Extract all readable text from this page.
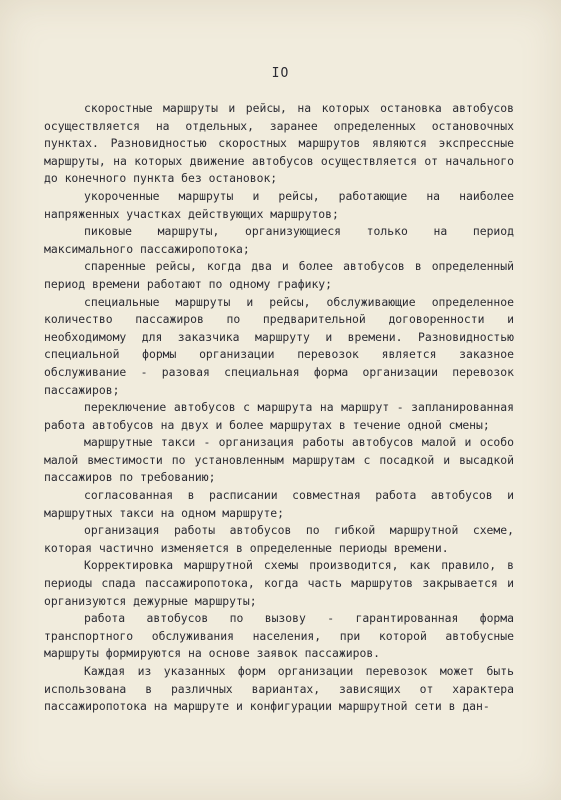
IO

скоростные маршруты и рейсы, на которых остановка автобусов осуществляется на отдельных, заранее определенных остановочных пунктах. Разновидностью скоростных маршрутов являются экспрессные маршруты, на которых движение автобусов осуществляется от начального до конечного пункта без остановок;

укороченные маршруты и рейсы, работающие на наиболее напряженных участках действующих маршрутов;

пиковые маршруты, организующиеся только на период максимального пассажиропотока;

спаренные рейсы, когда два и более автобусов в определенный период времени работают по одному графику;

специальные маршруты и рейсы, обслуживающие определенное количество пассажиров по предварительной договоренности и необходимому для заказчика маршруту и времени. Разновидностью специальной формы организации перевозок является заказное обслуживание - разовая специальная форма организации перевозок пассажиров;

переключение автобусов с маршрута на маршрут - запланированная работа автобусов на двух и более маршрутах в течение одной смены;

маршрутные такси - организация работы автобусов малой и особо малой вместимости по установленным маршрутам с посадкой и высадкой пассажиров по требованию;

согласованная в расписании совместная работа автобусов и маршрутных такси на одном маршруте;

организация работы автобусов по гибкой маршрутной схеме, которая частично изменяется в определенные периоды времени.

Корректировка маршрутной схемы производится, как правило, в периоды спада пассажиропотока, когда часть маршрутов закрывается и организуются дежурные маршруты;

работа автобусов по вызову - гарантированная форма транспортного обслуживания населения, при которой автобусные маршруты формируются на основе заявок пассажиров.

Каждая из указанных форм организации перевозок может быть использована в различных вариантах, зависящих от характера пассажиропотока на маршруте и конфигурации маршрутной сети в дан-
